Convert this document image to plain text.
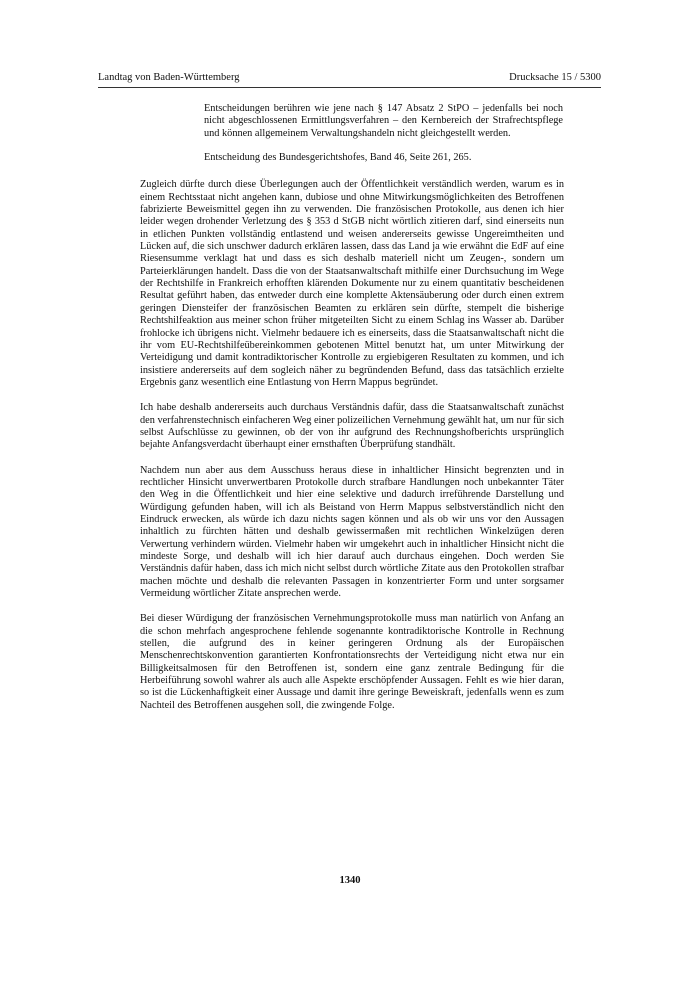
Landtag von Baden-Württemberg	Drucksache 15 / 5300

Entscheidungen berühren wie jene nach § 147 Absatz 2 StPO – jedenfalls bei noch nicht abgeschlossenen Ermittlungsverfahren – den Kernbereich der Strafrechtspflege und können allgemeinem Verwaltungshandeln nicht gleichgestellt werden.

Entscheidung des Bundesgerichtshofes, Band 46, Seite 261, 265.

Zugleich dürfte durch diese Überlegungen auch der Öffentlichkeit verständlich werden, warum es in einem Rechtsstaat nicht angehen kann, dubiose und ohne Mitwirkungsmöglichkeiten des Betroffenen fabrizierte Beweismittel gegen ihn zu verwenden. Die französischen Protokolle, aus denen ich hier leider wegen drohender Verletzung des § 353 d StGB nicht wörtlich zitieren darf, sind einerseits nun in etlichen Punkten vollständig entlastend und weisen andererseits gewisse Ungereimtheiten und Lücken auf, die sich unschwer dadurch erklären lassen, dass das Land ja wie erwähnt die EdF auf eine Riesensumme verklagt hat und dass es sich deshalb materiell nicht um Zeugen-, sondern um Parteierklärungen handelt. Dass die von der Staatsanwaltschaft mithilfe einer Durchsuchung im Wege der Rechtshilfe in Frankreich erhofften klärenden Dokumente nur zu einem quantitativ bescheidenen Resultat geführt haben, das entweder durch eine komplette Aktensäuberung oder durch einen extrem geringen Diensteifer der französischen Beamten zu erklären sein dürfte, stempelt die bisherige Rechtshilfeaktion aus meiner schon früher mitgeteilten Sicht zu einem Schlag ins Wasser ab. Darüber frohlocke ich übrigens nicht. Vielmehr bedauere ich es einerseits, dass die Staatsanwaltschaft nicht die ihr vom EU-Rechtshilfeübereinkommen gebotenen Mittel benutzt hat, um unter Mitwirkung der Verteidigung und damit kontradiktorischer Kontrolle zu ergiebigeren Resultaten zu kommen, und ich insistiere andererseits auf dem sogleich näher zu begründenden Befund, dass das tatsächlich erzielte Ergebnis ganz wesentlich eine Entlastung von Herrn Mappus begründet.

Ich habe deshalb andererseits auch durchaus Verständnis dafür, dass die Staatsanwaltschaft zunächst den verfahrenstechnisch einfacheren Weg einer polizeilichen Vernehmung gewählt hat, um nur für sich selbst Aufschlüsse zu gewinnen, ob der von ihr aufgrund des Rechnungshofberichts ursprünglich bejahte Anfangsverdacht überhaupt einer ernsthaften Überprüfung standhält.

Nachdem nun aber aus dem Ausschuss heraus diese in inhaltlicher Hinsicht begrenzten und in rechtlicher Hinsicht unverwertbaren Protokolle durch strafbare Handlungen noch unbekannter Täter den Weg in die Öffentlichkeit und hier eine selektive und dadurch irreführende Darstellung und Würdigung gefunden haben, will ich als Beistand von Herrn Mappus selbstverständlich nicht den Eindruck erwecken, als würde ich dazu nichts sagen können und als ob wir uns vor den Aussagen inhaltlich zu fürchten hätten und deshalb gewissermaßen mit rechtlichen Winkelzügen deren Verwertung verhindern würden. Vielmehr haben wir umgekehrt auch in inhaltlicher Hinsicht nicht die mindeste Sorge, und deshalb will ich hier darauf auch durchaus eingehen. Doch werden Sie Verständnis dafür haben, dass ich mich nicht selbst durch wörtliche Zitate aus den Protokollen strafbar machen möchte und deshalb die relevanten Passagen in konzentrierter Form und unter sorgsamer Vermeidung wörtlicher Zitate ansprechen werde.

Bei dieser Würdigung der französischen Vernehmungsprotokolle muss man natürlich von Anfang an die schon mehrfach angesprochene fehlende sogenannte kontradiktorische Kontrolle in Rechnung stellen, die aufgrund des in keiner geringeren Ordnung als der Europäischen Menschenrechtskonvention garantierten Konfrontationsrechts der Verteidigung nicht etwa nur ein Billigkeitsalmosen für den Betroffenen ist, sondern eine ganz zentrale Bedingung für die Herbeiführung sowohl wahrer als auch alle Aspekte erschöpfender Aussagen. Fehlt es wie hier daran, so ist die Lückenhaftigkeit einer Aussage und damit ihre geringe Beweiskraft, jedenfalls wenn es zum Nachteil des Betroffenen ausgehen soll, die zwingende Folge.

1340
